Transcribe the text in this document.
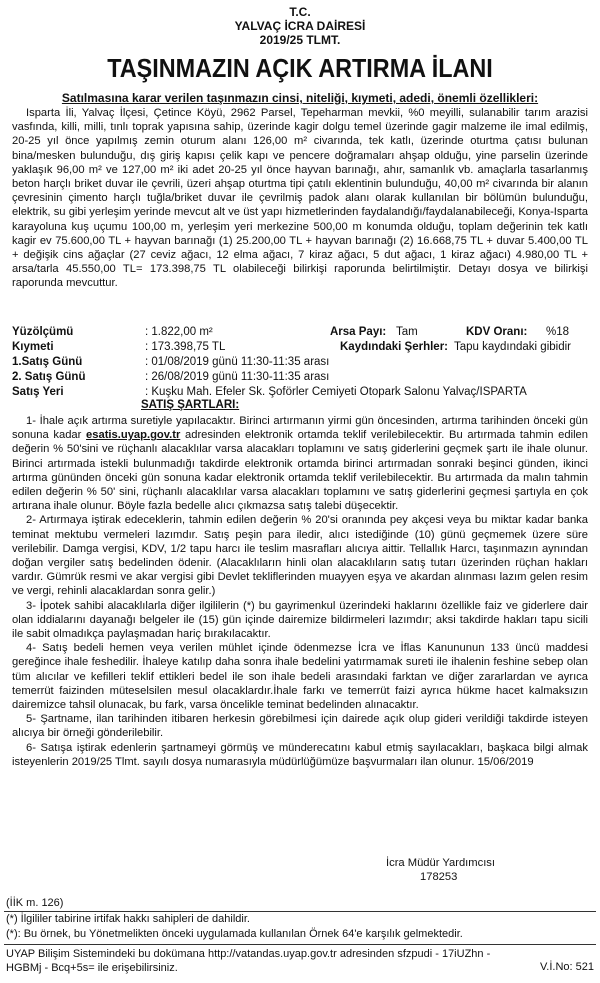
T.C.
YALVAÇ İCRA DAİRESİ
2019/25 TLMT.
TAŞINMAZIN AÇIK ARTIRMA İLANI
Satılmasına karar verilen taşınmazın cinsi, niteliği, kıymeti, adedi, önemli özellikleri:

Isparta İli, Yalvaç İlçesi, Çetince Köyü, 2962 Parsel, Tepeharman mevkii, %0 meyilli, sulanabilir tarım arazisi vasfında, killi, milli, tınlı toprak yapısına sahip, üzerinde kagir dolgu temel üzerinde gagir malzeme ile imal edilmiş, 20-25 yıl önce yapılmış zemin oturum alanı 126,00 m² civarında, tek katlı, üzerinde oturtma çatısı bulunan bina/mesken bulunduğu, dış giriş kapısı çelik kapı ve pencere doğramaları ahşap olduğu, yine parselin üzerinde yaklaşık 96,00 m² ve 127,00 m² iki adet 20-25 yıl önce hayvan barınağı, ahır, samanlık vb. amaçlarla tasarlanmış beton harçlı briket duvar ile çevrili, üzeri ahşap oturtma tipi çatılı eklentinin bulunduğu, 40,00 m² civarında bir alanın çevresinin çimento harçlı tuğla/briket duvar ile çevrilmiş padok alanı olarak kullanılan bir bölümün bulunduğu, elektrik, su gibi yerleşim yerinde mevcut alt ve üst yapı hizmetlerinden faydalandığı/faydalanabileceği, Konya-Isparta karayoluna kuş uçumu 100,00 m, yerleşim yeri merkezine 500,00 m konumda olduğu, toplam değerinin tek katlı kagir ev 75.600,00 TL + hayvan barınağı (1) 25.200,00 TL + hayvan barınağı (2) 16.668,75 TL + duvar 5.400,00 TL + değişik cins ağaçlar (27 ceviz ağacı, 12 elma ağacı, 7 kiraz ağacı, 5 dut ağacı, 1 kiraz ağacı) 4.980,00 TL + arsa/tarla 45.550,00 TL= 173.398,75 TL olabileceği bilirkişi raporunda belirtilmiştir. Detayı dosya ve bilirkişi raporunda mevcuttur.

Yüzölçümü	: 1.822,00 m²	Arsa Payı: Tam	KDV Oranı: %18
Kıymeti	: 173.398,75 TL	Kaydındaki Şerhler: Tapu kaydındaki gibidir
1.Satış Günü	: 01/08/2019 günü 11:30-11:35 arası
2. Satış Günü	: 26/08/2019 günü 11:30-11:35 arası
Satış Yeri	: Kuşku Mah. Efeler Sk. Şoförler Cemiyeti Otopark Salonu Yalvaç/ISPARTA
SATIŞ ŞARTLARI:

1- İhale açık artırma suretiyle yapılacaktır. Birinci artırmanın yirmi gün öncesinden, artırma tarihinden önceki gün sonuna kadar esatis.uyap.gov.tr adresinden elektronik ortamda teklif verilebilecektir. Bu artırmada tahmin edilen değerin % 50'sini ve rüçhanlı alacaklılar varsa alacakları toplamını ve satış giderlerini geçmek şartı ile ihale olunur. Birinci artırmada istekli bulunmadığı takdirde elektronik ortamda birinci artırmadan sonraki beşinci günden, ikinci artırma gününden önceki gün sonuna kadar elektronik ortamda teklif verilebilecektir. Bu artırmada da malın tahmin edilen değerin % 50' sini, rüçhanlı alacaklılar varsa alacakları toplamını ve satış giderlerini geçmesi şartıyla en çok artırana ihale olunur. Böyle fazla bedelle alıcı çıkmazsa satış talebi düşecektir.

2- Artırmaya iştirak edeceklerin, tahmin edilen değerin % 20'si oranında pey akçesi veya bu miktar kadar banka teminat mektubu vermeleri lazımdır. Satış peşin para iledir, alıcı istediğinde (10) günü geçmemek üzere süre verilebilir. Damga vergisi, KDV, 1/2 tapu harcı ile teslim masrafları alıcıya aittir. Tellallık Harcı, taşınmazın aynından doğan vergiler satış bedelinden ödenir. (Alacaklıların hinli olan alacaklıların satış tutarı üzerinden rüçhan hakları vardır. Gümrük resmi ve akar vergisi gibi Devlet tekliflerinden muayyen eşya ve akardan alınması lazım gelen resim ve vergi, rehinli alacaklardan sonra gelir.)

3- İpotek sahibi alacaklılarla diğer ilgililerin (*) bu gayrimenkul üzerindeki haklarını özellikle faiz ve giderlere dair olan iddialarını dayanağı belgeler ile (15) gün içinde dairemize bildirmeleri lazımdır; aksi takdirde hakları tapu sicili ile sabit olmadıkça paylaşmadan hariç bırakılacaktır.

4- Satış bedeli hemen veya verilen mühlet içinde ödenmezse İcra ve İflas Kanununun 133 üncü maddesi gereğince ihale feshedilir. İhaleye katılıp daha sonra ihale bedelini yatırmamak sureti ile ihalenin feshine sebep olan tüm alıcılar ve kefilleri teklif ettikleri bedel ile son ihale bedeli arasındaki farktan ve diğer zararlardan ve ayrıca temerrüt faizinden müteselsilen mesul olacaklardır.İhale farkı ve temerrüt faizi ayrıca hükme hacet kalmaksızın dairemizce tahsil olunacak, bu fark, varsa öncelikle teminat bedelinden alınacaktır.

5- Şartname, ilan tarihinden itibaren herkesin görebilmesi için dairede açık olup gideri verildiği takdirde isteyen alıcıya bir örneği gönderilebilir.

6- Satışa iştirak edenlerin şartnameyi görmüş ve münderecatını kabul etmiş sayılacakları, başkaca bilgi almak isteyenlerin 2019/25 Tlmt. sayılı dosya numarasıyla müdürlüğümüze başvurmaları ilan olunur. 15/06/2019

İcra Müdür Yardımcısı
178253
(İİK m. 126)
(*) İlgililer tabirine irtifak hakkı sahipleri de dahildir.
(*): Bu örnek, bu Yönetmelikten önceki uygulamada kullanılan Örnek 64'e karşılık gelmektedir.
UYAP Bilişim Sistemindeki bu dokümana http://vatandas.uyap.gov.tr adresinden sfzpudi - 17iUZhn - HGBMj - Bcq+5s= ile erişebilirsiniz.	V.İ.No: 521
